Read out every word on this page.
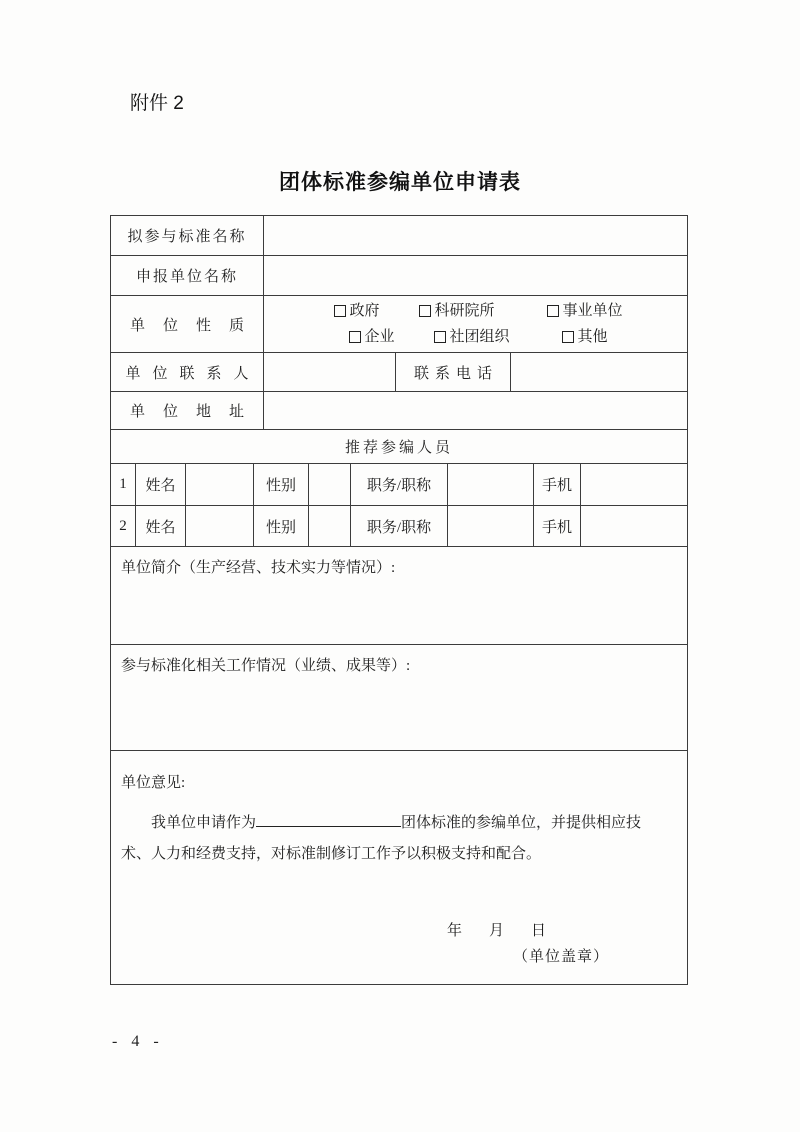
附件 2
团体标准参编单位申请表
拟参与标准名称
申报单位名称
单位性质
政府	科研院所	事业单位
企业	社团组织	其他
单位联系人	联系电话
单位地址
推荐参编人员
1	姓名	性别	职务/职称	手机
2	姓名	性别	职务/职称	手机
单位简介（生产经营、技术实力等情况）:
参与标准化相关工作情况（业绩、成果等）:
单位意见:
我单位申请作为	团体标准的参编单位，并提供相应技
术、人力和经费支持，对标准制修订工作予以积极支持和配合。
年 月 日
（单位盖章）
- 4 -
